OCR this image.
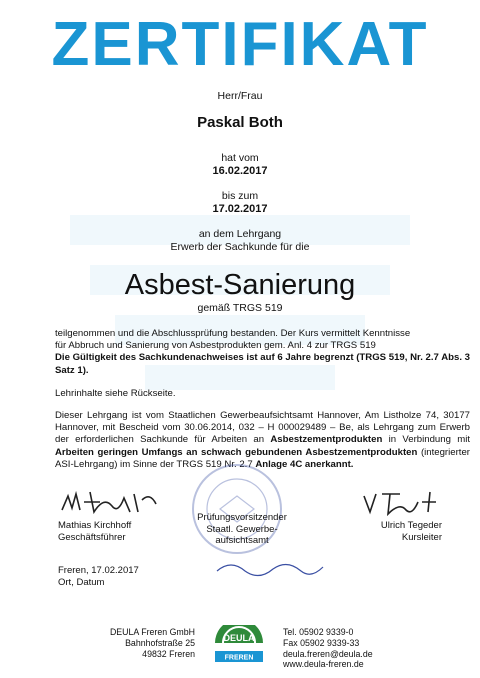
ZERTIFIKAT
Herr/Frau
Paskal Both
hat vom
16.02.2017
bis zum
17.02.2017
an dem Lehrgang
Erwerb der Sachkunde für die
Asbest-Sanierung
gemäß TRGS 519
teilgenommen und die Abschlussprüfung bestanden. Der Kurs vermittelt Kenntnisse
für Abbruch und Sanierung von Asbestprodukten gem. Anl. 4 zur TRGS 519
Die Gültigkeit des Sachkundenachweises ist auf 6 Jahre begrenzt (TRGS 519, Nr. 2.7 Abs. 3 Satz 1).
Lehrinhalte siehe Rückseite.
Dieser Lehrgang ist vom Staatlichen Gewerbeaufsichtsamt Hannover, Am Listholze 74, 30177 Hannover, mit Bescheid vom 30.06.2014, 032 – H 000029489 – Be, als Lehrgang zum Erwerb der erforderlichen Sachkunde für Arbeiten an Asbestzementprodukten in Verbindung mit Arbeiten geringen Umfangs an schwach gebundenen Asbestzementprodukten (integrierter ASI-Lehrgang) im Sinne der TRGS 519 Nr. 2.7 Anlage 4C anerkannt.
Mathias Kirchhoff
Geschäftsführer
Prüfungsvorsitzender
Staatl. Gewerbe-
aufsichtsamt
Ulrich Tegeder
Kursleiter
Freren, 17.02.2017
Ort, Datum
DEULA Freren GmbH
Bahnhofstraße 25
49832 Freren
DEULA
FREREN
Tel. 05902 9339-0
Fax 05902 9339-33
deula.freren@deula.de
www.deula-freren.de
